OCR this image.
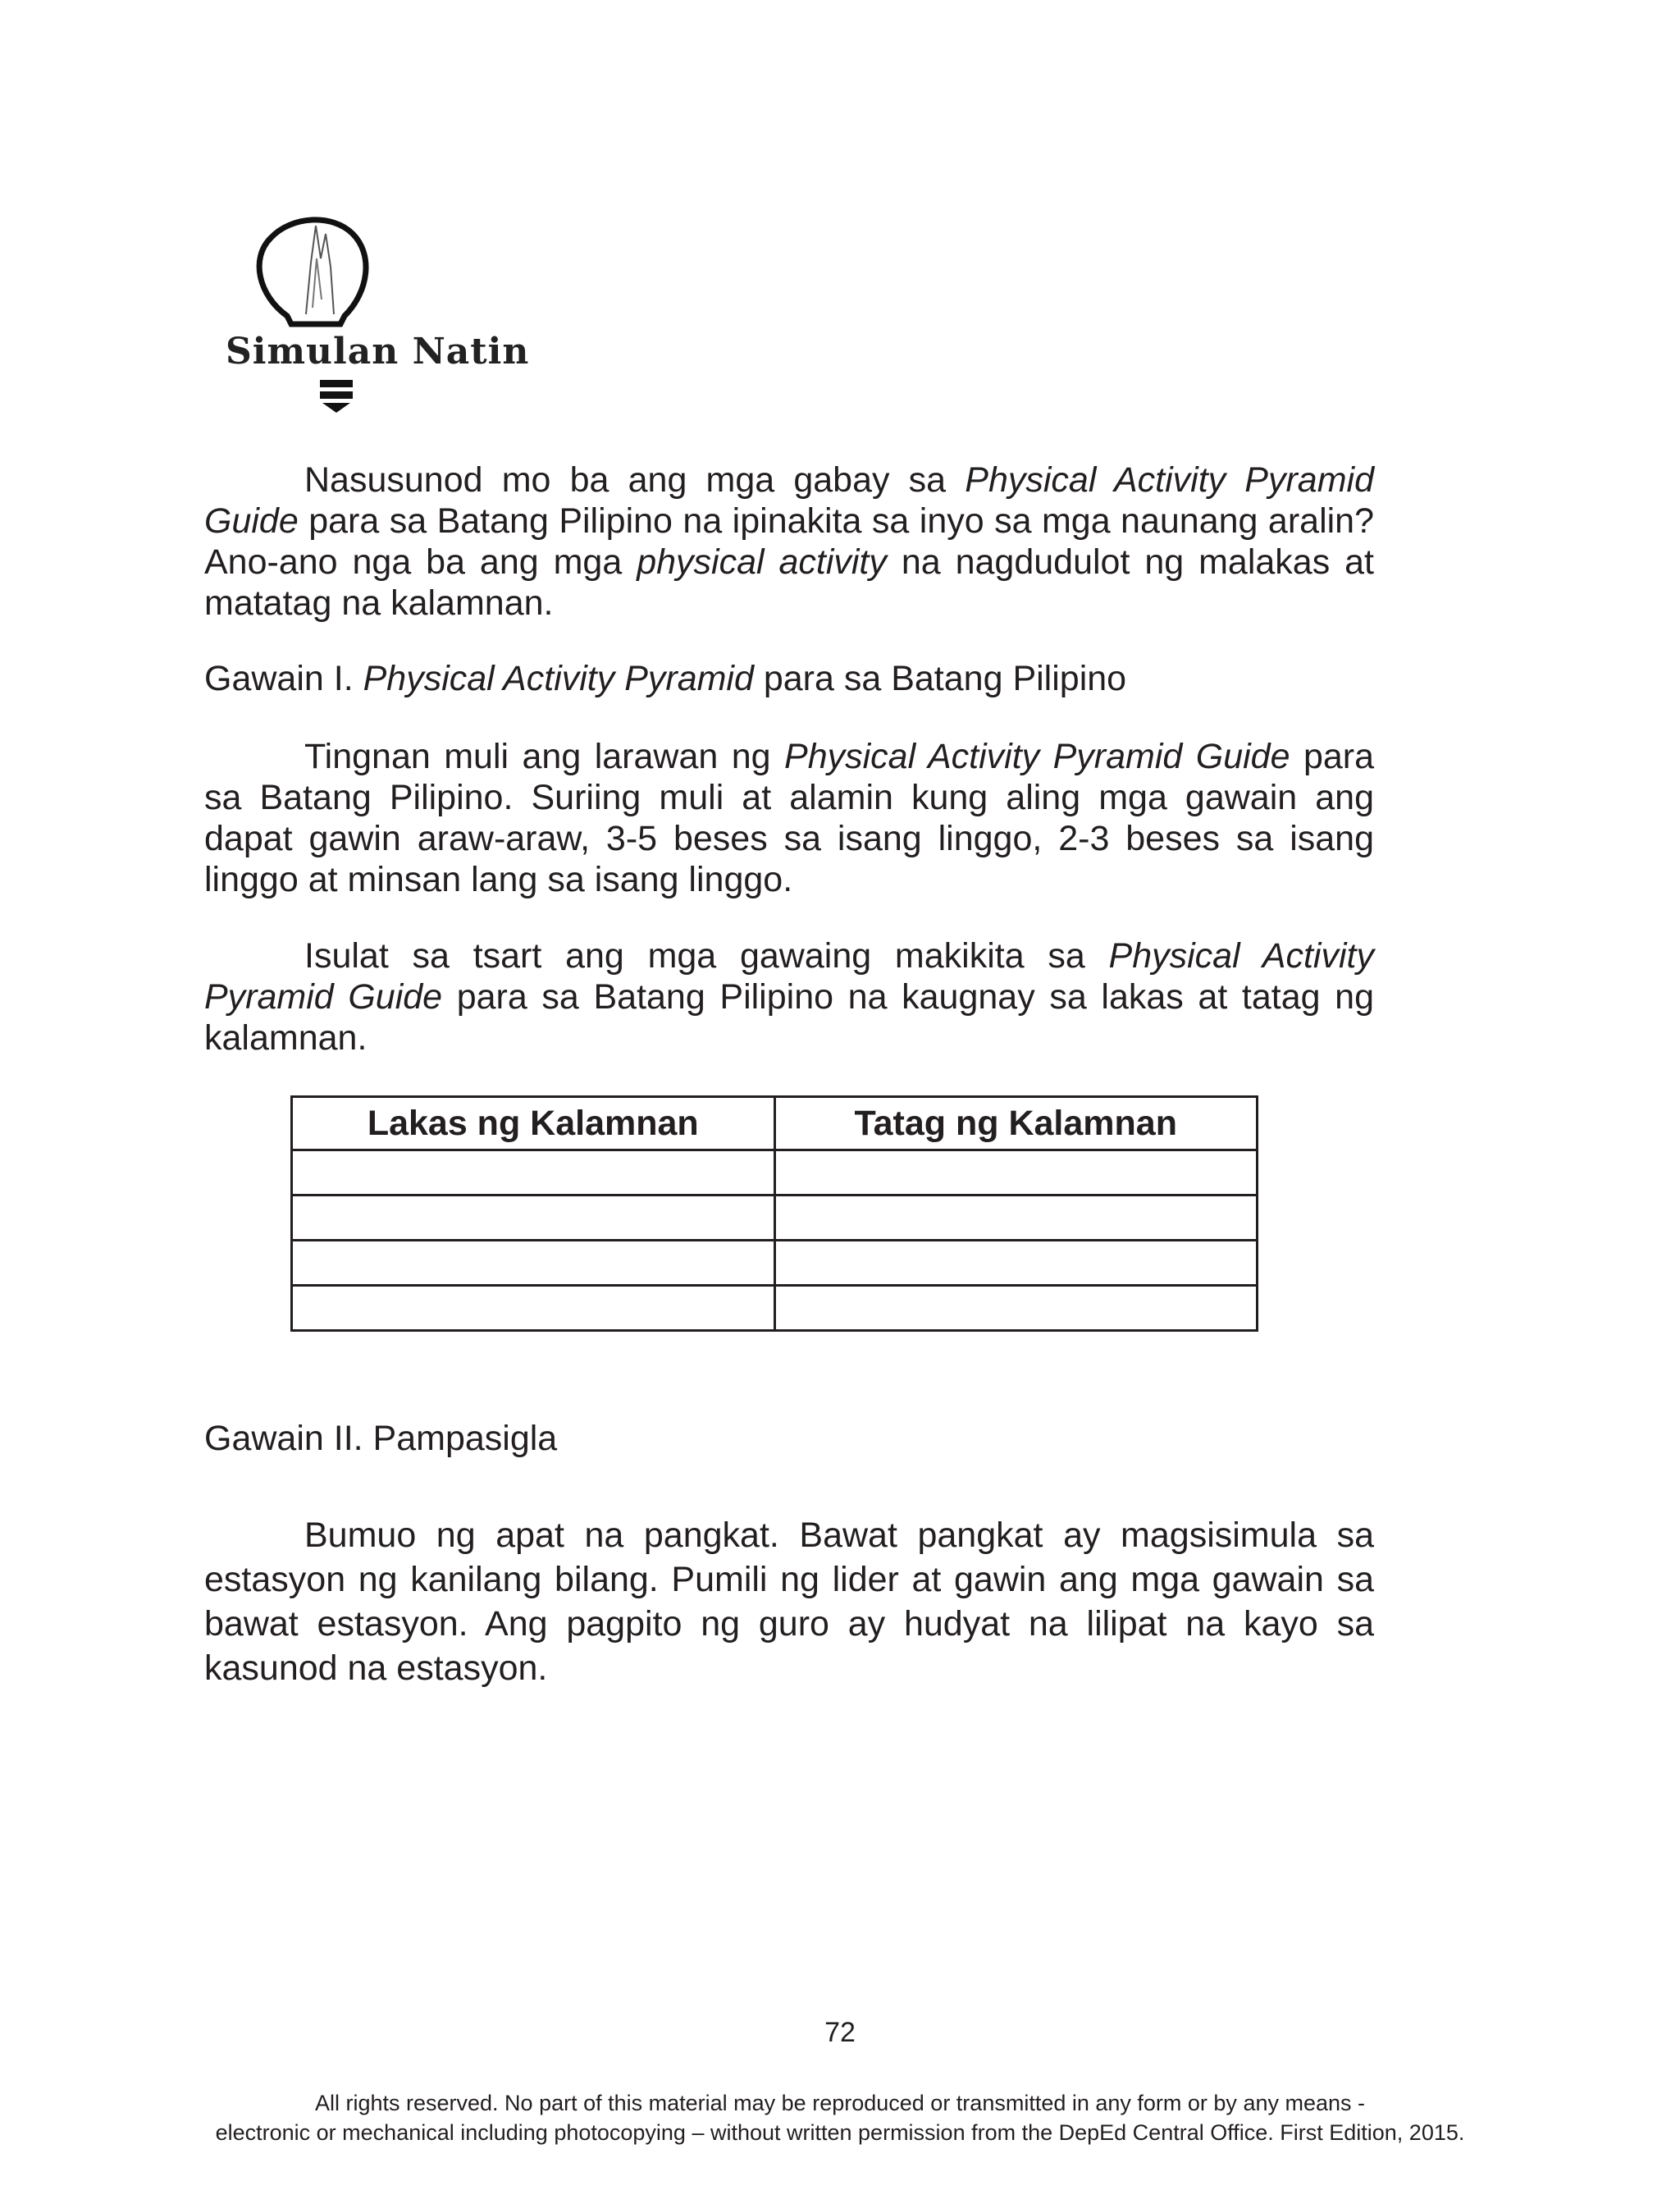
Simulan Natin

Nasusunod mo ba ang mga gabay sa Physical Activity Pyramid Guide para sa Batang Pilipino na ipinakita sa inyo sa mga naunang aralin? Ano-ano nga ba ang mga physical activity na nagdudulot ng malakas at matatag na kalamnan.

Gawain I. Physical Activity Pyramid para sa Batang Pilipino

Tingnan muli ang larawan ng Physical Activity Pyramid Guide para sa Batang Pilipino. Suriing muli at alamin kung aling mga gawain ang dapat gawin araw-araw, 3-5 beses sa isang linggo, 2-3 beses sa isang linggo at minsan lang sa isang linggo.

Isulat sa tsart ang mga gawaing makikita sa Physical Activity Pyramid Guide para sa Batang Pilipino na kaugnay sa lakas at tatag ng kalamnan.

Lakas ng Kalamnan	Tatag ng Kalamnan

Gawain II. Pampasigla

Bumuo ng apat na pangkat. Bawat pangkat ay magsisimula sa estasyon ng kanilang bilang. Pumili ng lider at gawin ang mga gawain sa bawat estasyon. Ang pagpito ng guro ay hudyat na lilipat na kayo sa kasunod na estasyon.

72
All rights reserved. No part of this material may be reproduced or transmitted in any form or by any means -
electronic or mechanical including photocopying – without written permission from the DepEd Central Office. First Edition, 2015.
